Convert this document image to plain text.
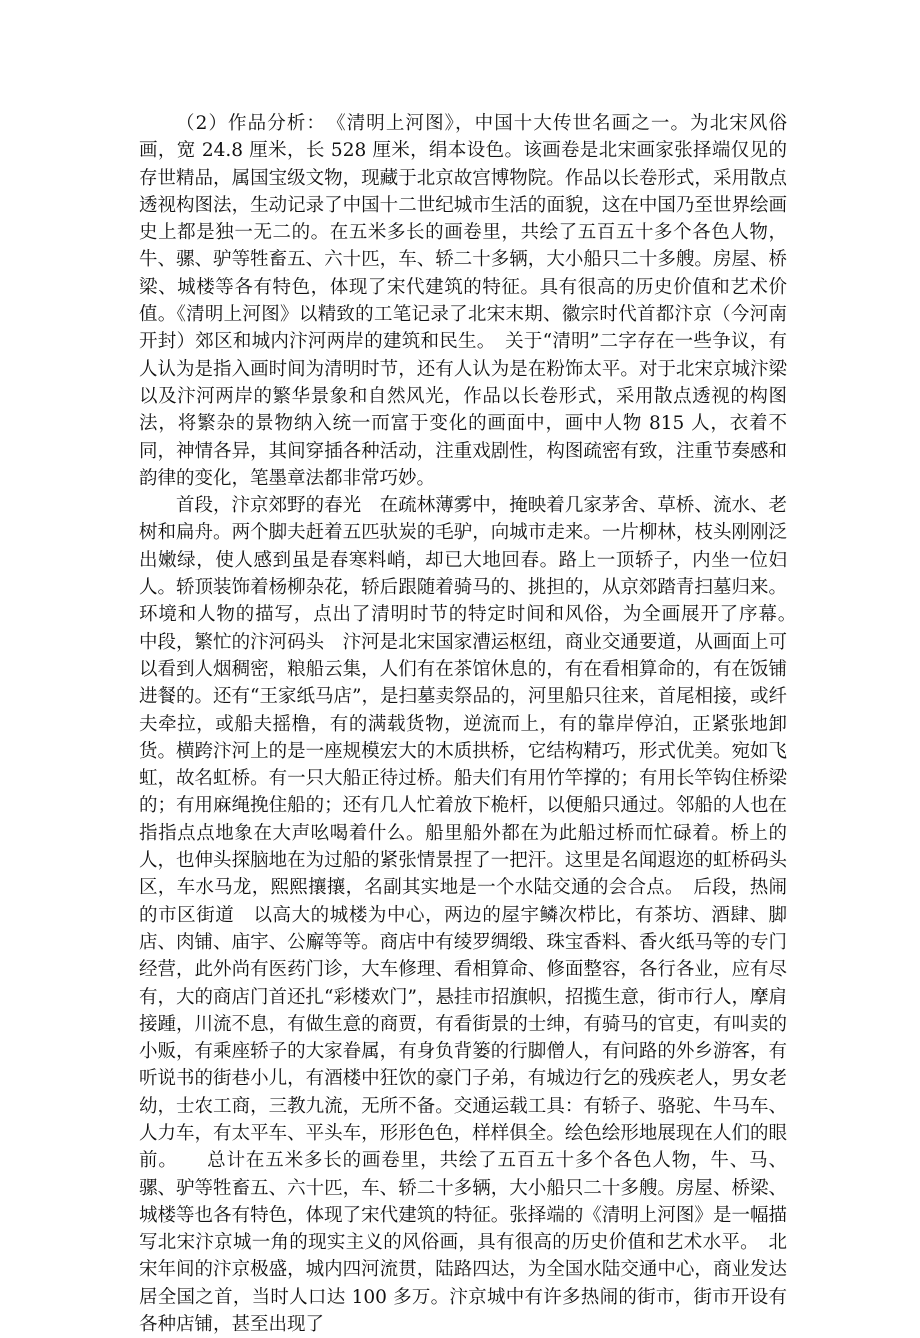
（2）作品分析：　《清明上河图》，中国十大传世名画之一。为北宋风俗画，宽 24.8 厘米，长 528 厘米，绢本设色。该画卷是北宋画家张择端仅见的存世精品，属国宝级文物，现藏于北京故宫博物院。作品以长卷形式，采用散点透视构图法，生动记录了中国十二世纪城市生活的面貌，这在中国乃至世界绘画史上都是独一无二的。在五米多长的画卷里，共绘了五百五十多个各色人物，牛、骡、驴等牲畜五、六十匹，车、轿二十多辆，大小船只二十多艘。房屋、桥梁、城楼等各有特色，体现了宋代建筑的特征。具有很高的历史价值和艺术价值。《清明上河图》以精致的工笔记录了北宋末期、徽宗时代首都汴京（今河南开封）郊区和城内汴河两岸的建筑和民生。　关于“清明”二字存在一些争议，有人认为是指入画时间为清明时节，还有人认为是在粉饰太平。对于北宋京城汴梁以及汴河两岸的繁华景象和自然风光，作品以长卷形式，采用散点透视的构图法，将繁杂的景物纳入统一而富于变化的画面中，画中人物 815 人，衣着不同，神情各异，其间穿插各种活动，注重戏剧性，构图疏密有致，注重节奏感和韵律的变化，笔墨章法都非常巧妙。

首段，汴京郊野的春光　在疏林薄雾中，掩映着几家茅舍、草桥、流水、老树和扁舟。两个脚夫赶着五匹驮炭的毛驴，向城市走来。一片柳林，枝头刚刚泛出嫩绿，使人感到虽是春寒料峭，却已大地回春。路上一顶轿子，内坐一位妇人。轿顶装饰着杨柳杂花，轿后跟随着骑马的、挑担的，从京郊踏青扫墓归来。环境和人物的描写，点出了清明时节的特定时间和风俗，为全画展开了序幕。　中段，繁忙的汴河码头　汴河是北宋国家漕运枢纽，商业交通要道，从画面上可以看到人烟稠密，粮船云集，人们有在茶馆休息的，有在看相算命的，有在饭铺进餐的。还有“王家纸马店”，是扫墓卖祭品的，河里船只往来，首尾相接，或纤夫牵拉，或船夫摇橹，有的满载货物，逆流而上，有的靠岸停泊，正紧张地卸货。横跨汴河上的是一座规模宏大的木质拱桥，它结构精巧，形式优美。宛如飞虹，故名虹桥。有一只大船正待过桥。船夫们有用竹竿撑的；有用长竿钩住桥梁的；有用麻绳挽住船的；还有几人忙着放下桅杆，以便船只通过。邻船的人也在指指点点地象在大声吆喝着什么。船里船外都在为此船过桥而忙碌着。桥上的人，也伸头探脑地在为过船的紧张情景捏了一把汗。这里是名闻遐迩的虹桥码头区，车水马龙，熙熙攘攘，名副其实地是一个水陆交通的会合点。　后段，热闹的市区街道　以高大的城楼为中心，两边的屋宇鳞次栉比，有茶坊、酒肆、脚店、肉铺、庙宇、公廨等等。商店中有绫罗绸缎、珠宝香料、香火纸马等的专门经营，此外尚有医药门诊，大车修理、看相算命、修面整容，各行各业，应有尽有，大的商店门首还扎“彩楼欢门”，悬挂市招旗帜，招揽生意，街市行人，摩肩接踵，川流不息，有做生意的商贾，有看街景的士绅，有骑马的官吏，有叫卖的小贩，有乘座轿子的大家眷属，有身负背篓的行脚僧人，有问路的外乡游客，有听说书的街巷小儿，有酒楼中狂饮的豪门子弟，有城边行乞的残疾老人，男女老幼，士农工商，三教九流，无所不备。交通运载工具：有轿子、骆驼、牛马车、人力车，有太平车、平头车，形形色色，样样俱全。绘色绘形地展现在人们的眼前。　　总计在五米多长的画卷里，共绘了五百五十多个各色人物，牛、马、骡、驴等牲畜五、六十匹，车、轿二十多辆，大小船只二十多艘。房屋、桥梁、城楼等也各有特色，体现了宋代建筑的特征。张择端的《清明上河图》是一幅描写北宋汴京城一角的现实主义的风俗画，具有很高的历史价值和艺术水平。　北宋年间的汴京极盛，城内四河流贯，陆路四达，为全国水陆交通中心，商业发达居全国之首，当时人口达 100 多万。汴京城中有许多热闹的街市，街市开设有各种店铺，甚至出现了
